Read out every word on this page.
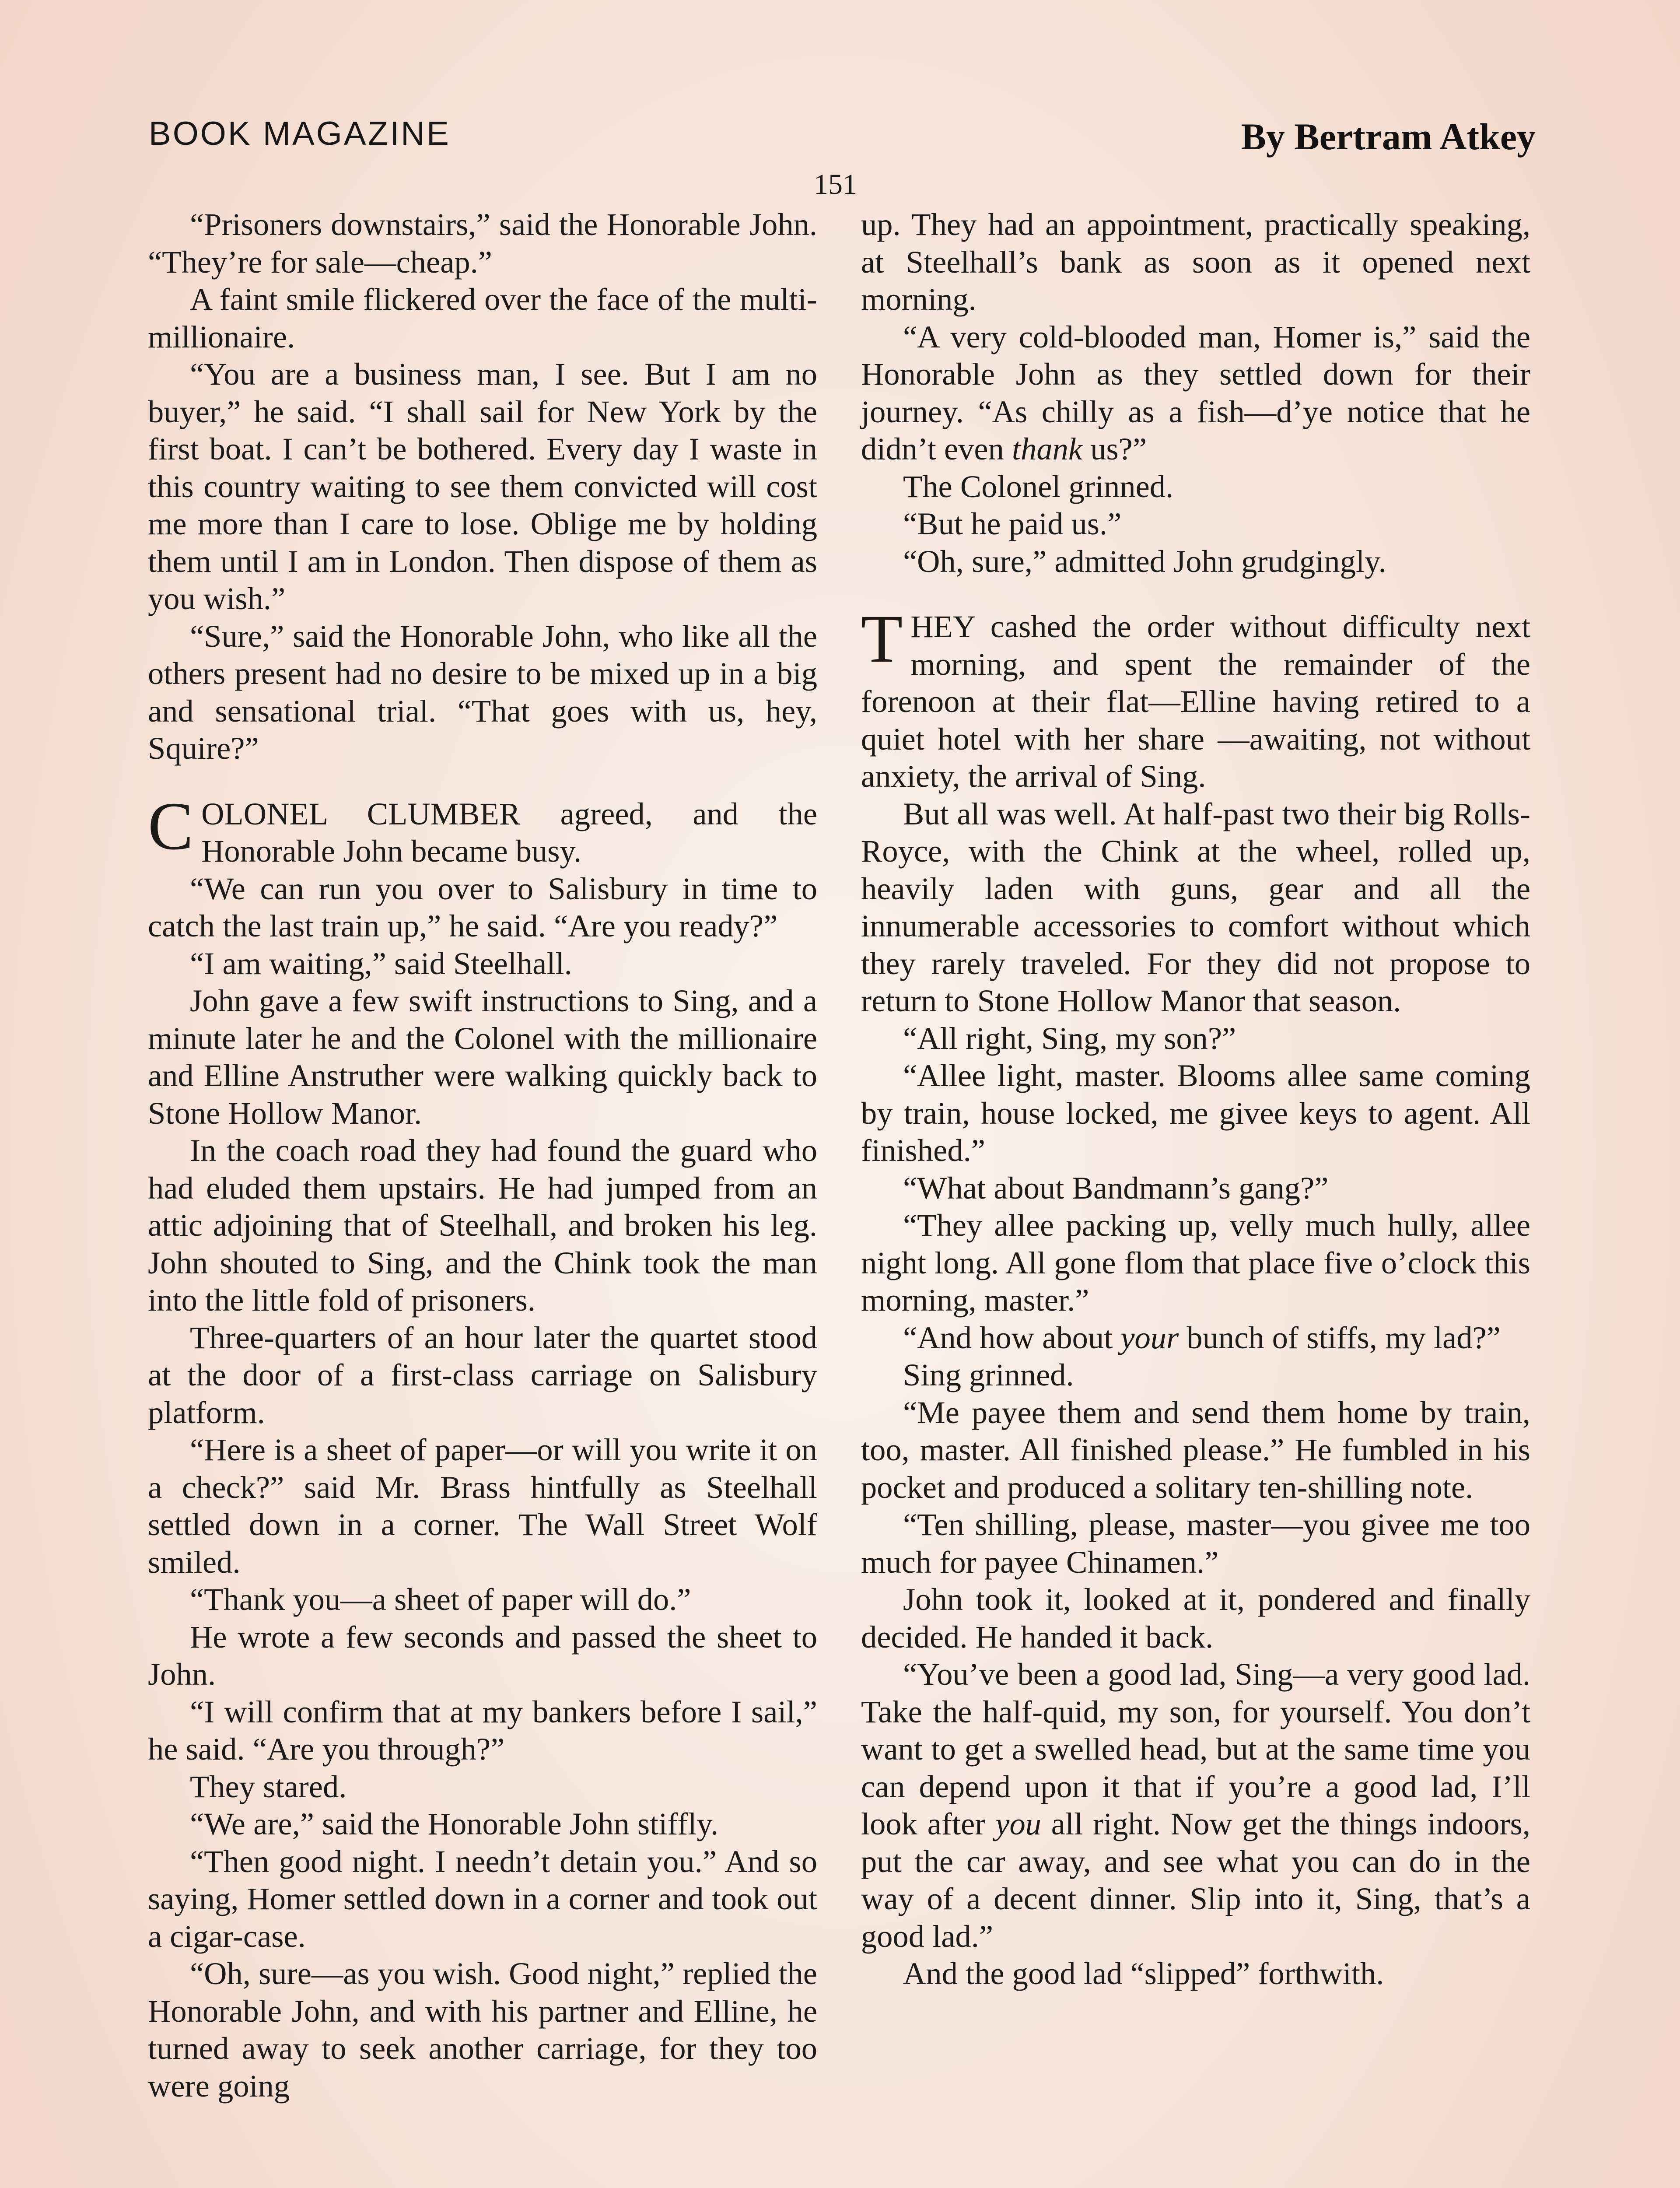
BOOK MAGAZINE	By Bertram Atkey
151

“Prisoners downstairs,” said the Honorable John. “They’re for sale—cheap.”

A faint smile flickered over the face of the multi-millionaire.

“You are a business man, I see. But I am no buyer,” he said. “I shall sail for New York by the first boat. I can’t be bothered. Every day I waste in this country waiting to see them convicted will cost me more than I care to lose. Oblige me by holding them until I am in London. Then dispose of them as you wish.”

“Sure,” said the Honorable John, who like all the others present had no desire to be mixed up in a big and sensational trial. “That goes with us, hey, Squire?”

COLONEL CLUMBER agreed, and the Honorable John became busy.

“We can run you over to Salisbury in time to catch the last train up,” he said. “Are you ready?”

“I am waiting,” said Steelhall.

John gave a few swift instructions to Sing, and a minute later he and the Colonel with the millionaire and Elline Anstruther were walking quickly back to Stone Hollow Manor.

In the coach road they had found the guard who had eluded them upstairs. He had jumped from an attic adjoining that of Steelhall, and broken his leg. John shouted to Sing, and the Chink took the man into the little fold of prisoners.

Three-quarters of an hour later the quartet stood at the door of a first-class carriage on Salisbury platform.

“Here is a sheet of paper—or will you write it on a check?” said Mr. Brass hintfully as Steelhall settled down in a corner. The Wall Street Wolf smiled.

“Thank you—a sheet of paper will do.”

He wrote a few seconds and passed the sheet to John.

“I will confirm that at my bankers before I sail,” he said. “Are you through?”

They stared.

“We are,” said the Honorable John stiffly.

“Then good night. I needn’t detain you.” And so saying, Homer settled down in a corner and took out a cigar-case.

“Oh, sure—as you wish. Good night,” replied the Honorable John, and with his partner and Elline, he turned away to seek another carriage, for they too were going

up. They had an appointment, practically speaking, at Steelhall’s bank as soon as it opened next morning.

“A very cold-blooded man, Homer is,” said the Honorable John as they settled down for their journey. “As chilly as a fish—d’ye notice that he didn’t even thank us?”

The Colonel grinned.

“But he paid us.”

“Oh, sure,” admitted John grudgingly.

THEY cashed the order without difficulty next morning, and spent the remainder of the forenoon at their flat—Elline having retired to a quiet hotel with her share —awaiting, not without anxiety, the arrival of Sing.

But all was well. At half-past two their big Rolls-Royce, with the Chink at the wheel, rolled up, heavily laden with guns, gear and all the innumerable accessories to comfort without which they rarely traveled. For they did not propose to return to Stone Hollow Manor that season.

“All right, Sing, my son?”

“Allee light, master. Blooms allee same coming by train, house locked, me givee keys to agent. All finished.”

“What about Bandmann’s gang?”

“They allee packing up, velly much hully, allee night long. All gone flom that place five o’clock this morning, master.”

“And how about your bunch of stiffs, my lad?”

Sing grinned.

“Me payee them and send them home by train, too, master. All finished please.” He fumbled in his pocket and produced a solitary ten-shilling note.

“Ten shilling, please, master—you givee me too much for payee Chinamen.”

John took it, looked at it, pondered and finally decided. He handed it back.

“You’ve been a good lad, Sing—a very good lad. Take the half-quid, my son, for yourself. You don’t want to get a swelled head, but at the same time you can depend upon it that if you’re a good lad, I’ll look after you all right. Now get the things indoors, put the car away, and see what you can do in the way of a decent dinner. Slip into it, Sing, that’s a good lad.”

And the good lad “slipped” forthwith.
